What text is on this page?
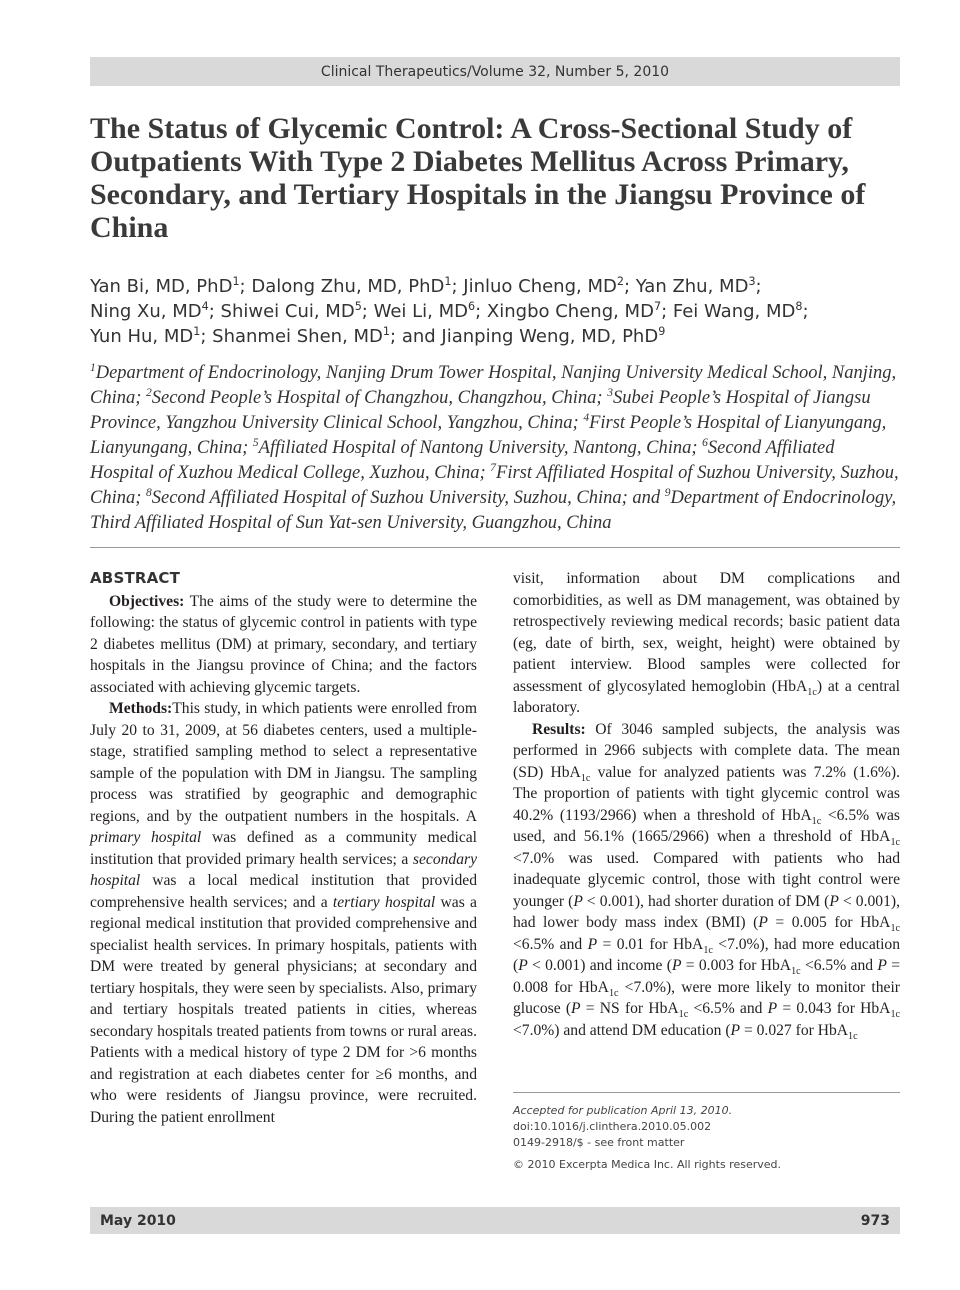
Clinical Therapeutics/Volume 32, Number 5, 2010
The Status of Glycemic Control: A Cross-Sectional Study of Outpatients With Type 2 Diabetes Mellitus Across Primary, Secondary, and Tertiary Hospitals in the Jiangsu Province of China
Yan Bi, MD, PhD$^1$; Dalong Zhu, MD, PhD$^1$; Jinluo Cheng, $MD^2$; Yan Zhu, $MD^3$;
Ning Xu, $MD^4$; Shiwei Cui, $MD^5$; Wei Li, $MD^6$; Xingbo Cheng, $MD^7$; Fei Wang, $MD^8$;
Yun Hu, $MD^1$; Shanmei Shen, $MD^1$; and Jianping Weng, MD, PhD$^9$
$^1$Department of Endocrinology, Nanjing Drum Tower Hospital, Nanjing University Medical School, Nanjing, China; $^2$Second People’s Hospital of Changzhou, Changzhou, China; $^3$Subei People’s Hospital of Jiangsu Province, Yangzhou University Clinical School, Yangzhou, China; $^4$First People’s Hospital of Lianyungang, Lianyungang, China; $^5$Affiliated Hospital of Nantong University, Nantong, China; $^6$Second Affiliated Hospital of Xuzhou Medical College, Xuzhou, China; $^7$First Affiliated Hospital of Suzhou University, Suzhou, China; $^8$Second Affiliated Hospital of Suzhou University, Suzhou, China; and $^9$Department of Endocrinology, Third Affiliated Hospital of Sun Yat-sen University, Guangzhou, China
ABSTRACT

Objectives: The aims of the study were to determine the following: the status of glycemic control in patients with type 2 diabetes mellitus (DM) at primary, secondary, and tertiary hospitals in the Jiangsu province of China; and the factors associated with achieving glycemic targets.

Methods:This study, in which patients were enrolled from July 20 to 31, 2009, at 56 diabetes centers, used a multiple-stage, stratified sampling method to select a representative sample of the population with DM in Jiangsu. The sampling process was stratified by geographic and demographic regions, and by the outpatient numbers in the hospitals. A primary hospital was defined as a community medical institution that provided primary health services; a secondary hospital was a local medical institution that provided comprehensive health services; and a tertiary hospital was a regional medical institution that provided comprehensive and specialist health services. In primary hospitals, patients with DM were treated by general physicians; at secondary and tertiary hospitals, they were seen by specialists. Also, primary and tertiary hospitals treated patients in cities, whereas secondary hospitals treated patients from towns or rural areas. Patients with a medical history of type 2 DM for >6 months and registration at each diabetes center for ≥6 months, and who were residents of Jiangsu province, were recruited. During the patient enrollment

visit, information about DM complications and comorbidities, as well as DM management, was obtained by retrospectively reviewing medical records; basic patient data (eg, date of birth, sex, weight, height) were obtained by patient interview. Blood samples were collected for assessment of glycosylated hemoglobin (HbA$_{1c}$) at a central laboratory.

Results: Of 3046 sampled subjects, the analysis was performed in 2966 subjects with complete data. The mean (SD) HbA$_{1c}$ value for analyzed patients was 7.2% (1.6%). The proportion of patients with tight glycemic control was 40.2% (1193/2966) when a threshold of HbA$_{1c}$ <6.5% was used, and 56.1% (1665/2966) when a threshold of HbA$_{1c}$ <7.0% was used. Compared with patients who had inadequate glycemic control, those with tight control were younger (P < 0.001), had shorter duration of DM (P < 0.001), had lower body mass index (BMI) (P = 0.005 for HbA$_{1c}$ <6.5% and P = 0.01 for HbA$_{1c}$ <7.0%), had more education (P < 0.001) and income (P = 0.003 for HbA$_{1c}$ <6.5% and P = 0.008 for HbA$_{1c}$ <7.0%), were more likely to monitor their glucose (P = NS for HbA$_{1c}$ <6.5% and P = 0.043 for HbA$_{1c}$ <7.0%) and attend DM education (P = 0.027 for HbA$_{1c}$

Accepted for publication April 13, 2010.
doi:10.1016/j.clinthera.2010.05.002
0149-2918/$ - see front matter
© 2010 Excerpta Medica Inc. All rights reserved.
May 2010	973
